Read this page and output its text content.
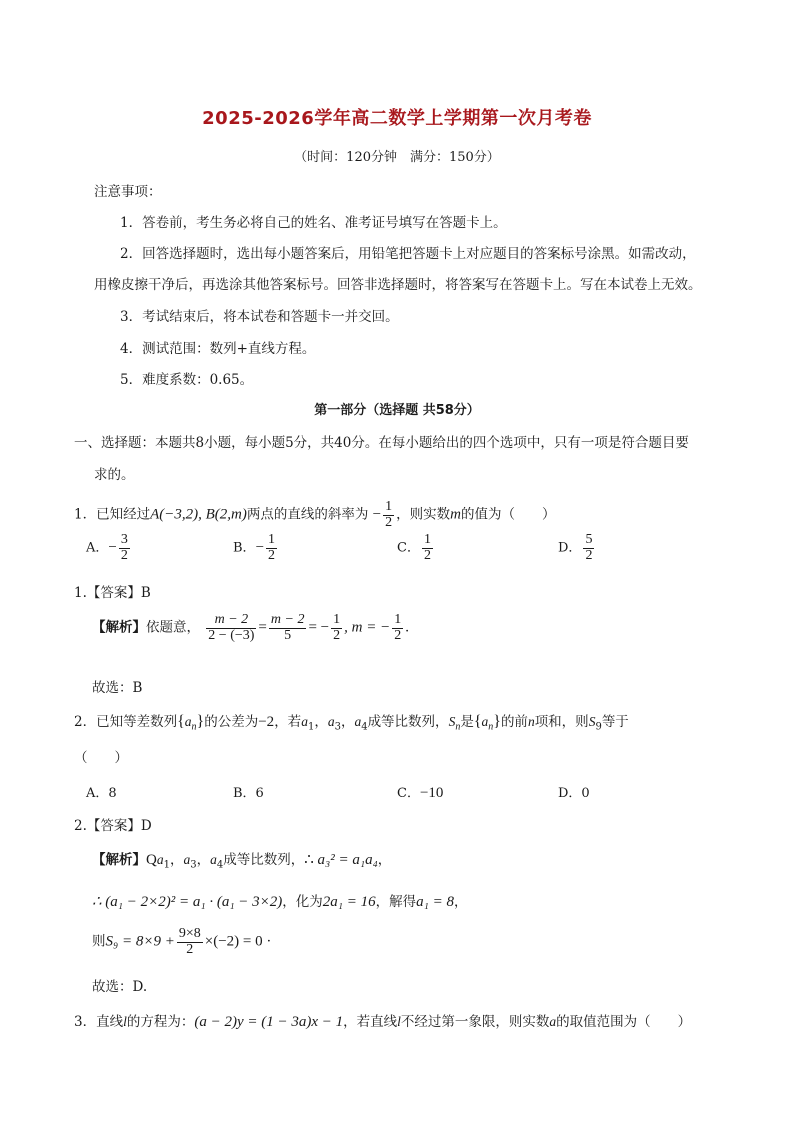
2025-2026学年高二数学上学期第一次月考卷
（时间：120分钟　满分：150分）
注意事项：
1．答卷前，考生务必将自己的姓名、准考证号填写在答题卡上。
2．回答选择题时，选出每小题答案后，用铅笔把答题卡上对应题目的答案标号涂黑。如需改动，
用橡皮擦干净后，再选涂其他答案标号。回答非选择题时，将答案写在答题卡上。写在本试卷上无效。
3．考试结束后，将本试卷和答题卡一并交回。
4．测试范围：数列+直线方程。
5．难度系数：0.65。
第一部分（选择题 共58分）
一、选择题：本题共8小题，每小题5分，共40分。在每小题给出的四个选项中，只有一项是符合题目要
求的。
1．已知经过A(−3,2), B(2,m)两点的直线的斜率为 − $\frac{1}{2}$ ，则实数m的值为（　　）
A．− $\frac{3}{2}$	B．− $\frac{1}{2}$	C． $\frac{1}{2}$	D． $\frac{5}{2}$
1.【答案】B
【解析】依题意， $\frac{m - 2}{2 - (-3)} = \frac{m - 2}{5}$ = − $\frac{1}{2}$ , m = − $\frac{1}{2}$ .
故选：B
2．已知等差数列$\{a_n\}$的公差为−2，若$a_1$，$a_3$，$a_4$成等比数列，$S_n$是$\{a_n\}$的前n项和，则$S_9$等于
（　　）
A．8	B．6	C．−10	D．0
2.【答案】D
【解析】$Qa_1$，$a_3$，$a_4$成等比数列，∴ a₃² = a₁a₄，
∴ (a₁ − 2×2)² = a₁ · (a₁ − 3×2)，化为2a₁ = 16，解得a₁ = 8，
则$S_9 = 8\times 9 + \frac{9\times 8}{2} \times(-2) = 0$ ·
故选：D.
3．直线l的方程为：(a − 2)y = (1 − 3a)x − 1，若直线l不经过第一象限，则实数a的取值范围为（　　）
